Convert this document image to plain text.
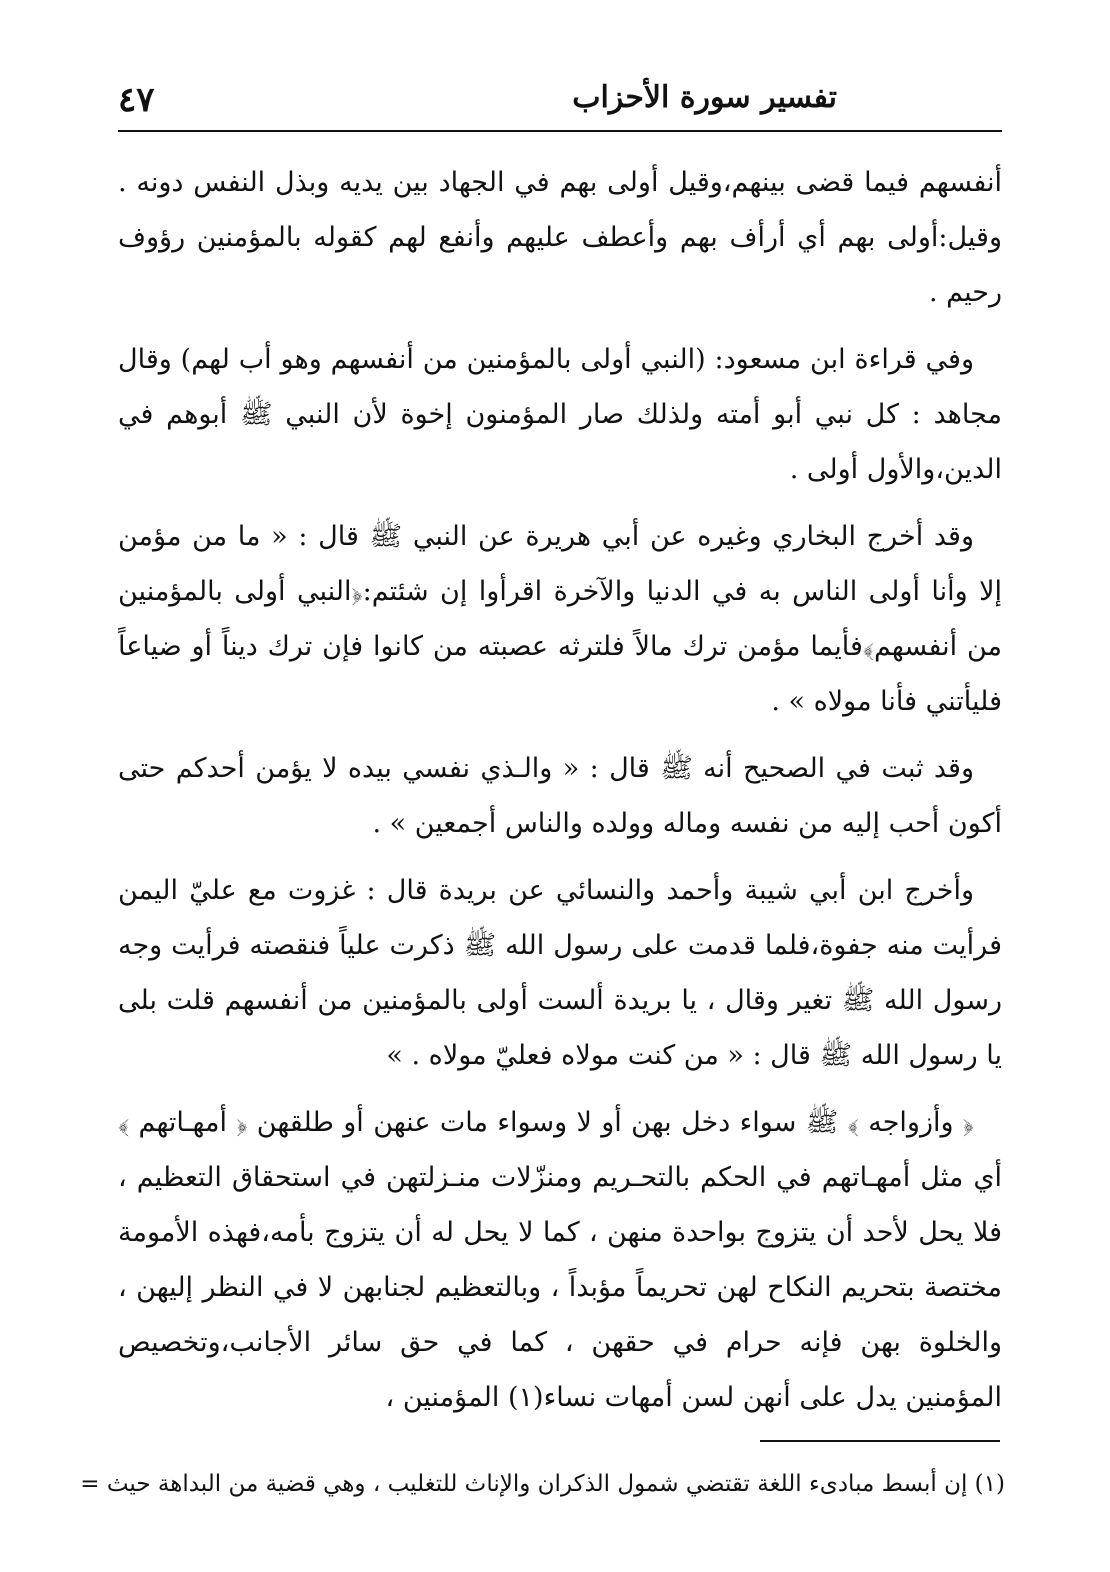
٤٧	تفسير سورة الأحزاب

أنفسهم فيما قضى بينهم،وقيل أولى بهم في الجهاد بين يديه وبذل النفس دونه . وقيل:أولى بهم أي أرأف بهم وأعطف عليهم وأنفع لهم كقوله بالمؤمنين رؤوف رحيم .

وفي قراءة ابن مسعود: (النبي أولى بالمؤمنين من أنفسهم وهو أب لهم) وقال مجاهد : كل نبي أبو أمته ولذلك صار المؤمنون إخوة لأن النبي ﷺ أبوهم في الدين،والأول أولى .

وقد أخرج البخاري وغيره عن أبي هريرة عن النبي ﷺ قال : « ما من مؤمن إلا وأنا أولى الناس به في الدنيا والآخرة اقرأوا إن شئتم:﴿النبي أولى بالمؤمنين من أنفسهم﴾فأيما مؤمن ترك مالاً فلترثه عصبته من كانوا فإن ترك ديناً أو ضياعاً فليأتني فأنا مولاه » .

وقد ثبت في الصحيح أنه ﷺ قال : « والـذي نفسي بيده لا يؤمن أحدكم حتى أكون أحب إليه من نفسه وماله وولده والناس أجمعين » .

وأخرج ابن أبي شيبة وأحمد والنسائي عن بريدة قال : غزوت مع عليّ اليمن فرأيت منه جفوة،فلما قدمت على رسول الله ﷺ ذكرت علياً فنقصته فرأيت وجه رسول الله ﷺ تغير وقال ، يا بريدة ألست أولى بالمؤمنين من أنفسهم قلت بلى يا رسول الله ﷺ قال : « من كنت مولاه فعليّ مولاه . »

﴿ وأزواجه ﴾ ﷺ سواء دخل بهن أو لا وسواء مات عنهن أو طلقهن ﴿ أمهـاتهم ﴾ أي مثل أمهـاتهم في الحكم بالتحـريم ومنزّلات منـزلتهن في استحقاق التعظيم ، فلا يحل لأحد أن يتزوج بواحدة منهن ، كما لا يحل له أن يتزوج بأمه،فهذه الأمومة مختصة بتحريم النكاح لهن تحريماً مؤبداً ، وبالتعظيم لجنابهن لا في النظر إليهن ، والخلوة بهن فإنه حرام في حقهن ، كما في حق سائر الأجانب،وتخصيص المؤمنين يدل على أنهن لسن أمهات نساء(١) المؤمنين ،

(١) إن أبسط مبادىء اللغة تقتضي شمول الذكران والإناث للتغليب ، وهي قضية من البداهة حيث =
